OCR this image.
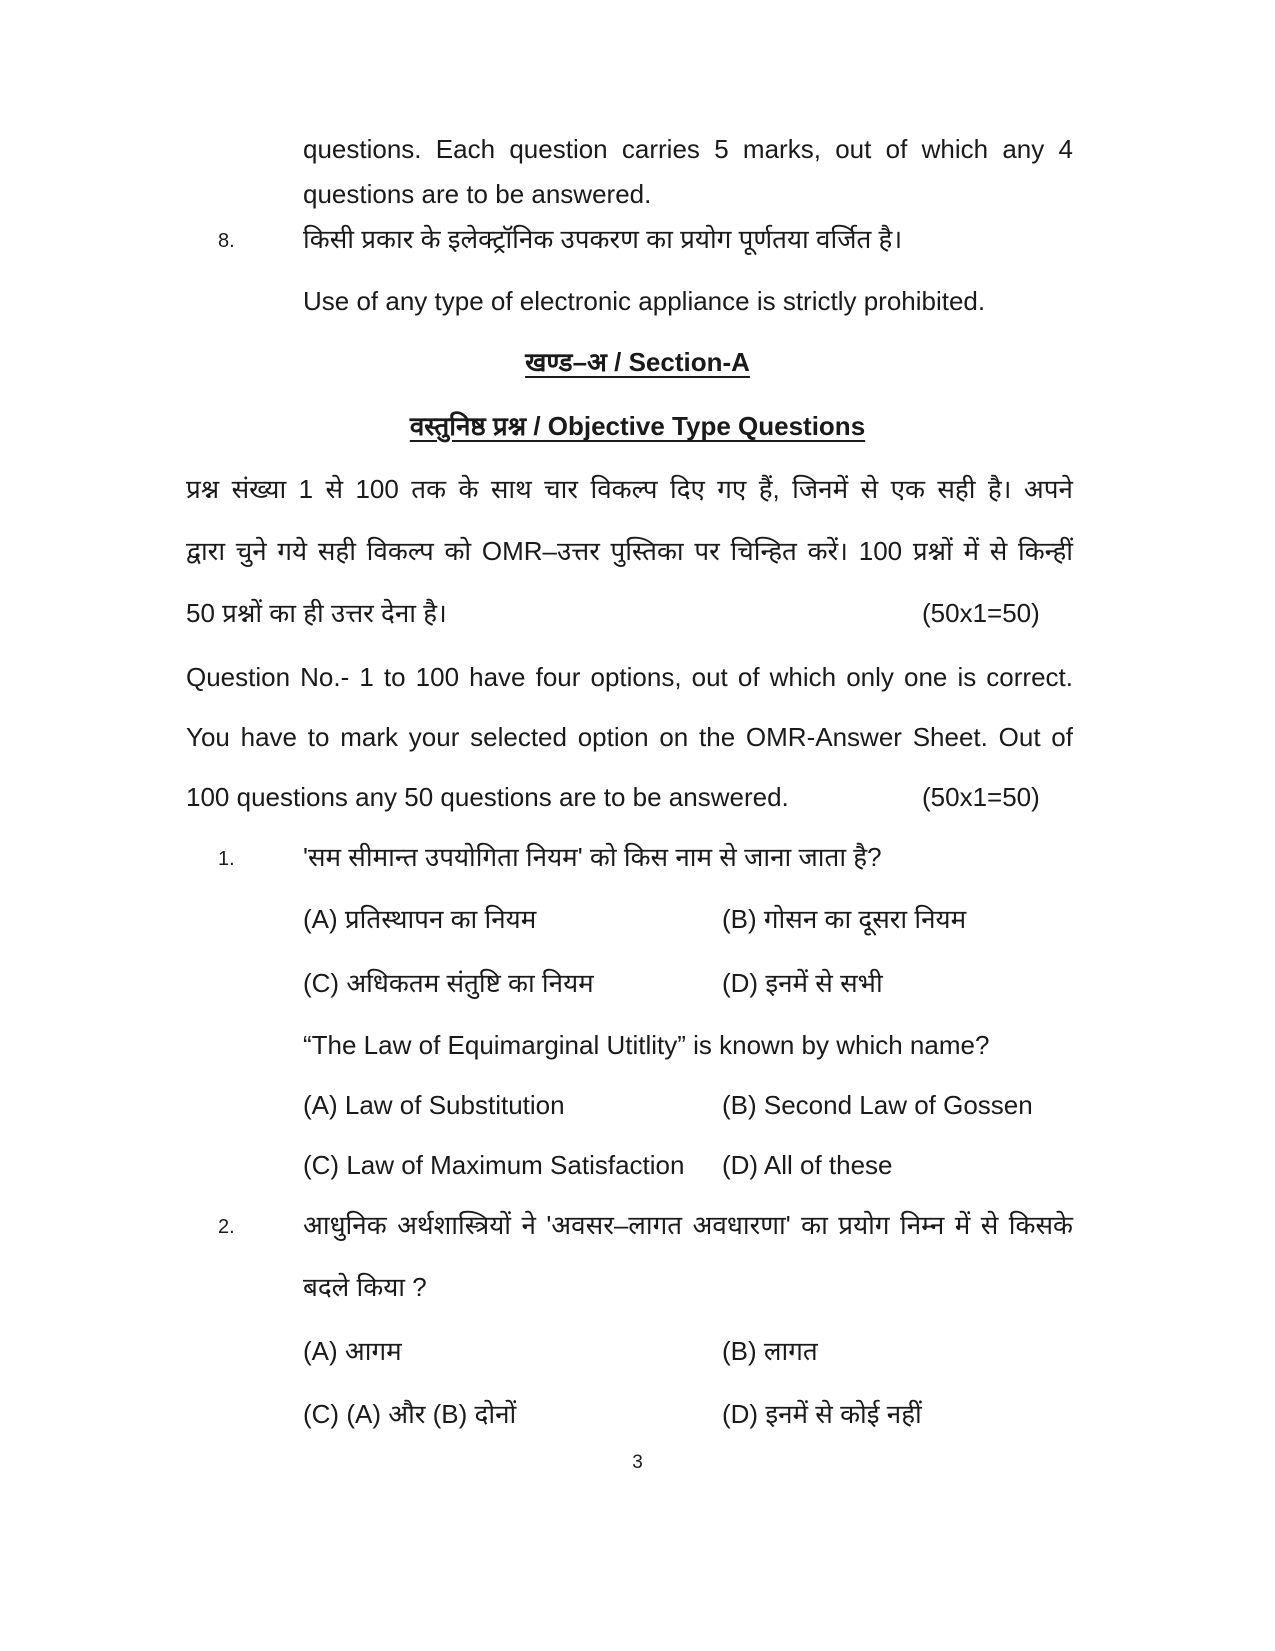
questions. Each question carries 5 marks, out of which any 4
questions are to be answered.
8.	किसी प्रकार के इलेक्ट्रॉनिक उपकरण का प्रयोग पूर्णतया वर्जित है।
Use of any type of electronic appliance is strictly prohibited.
खण्ड–अ / Section-A
वस्तुनिष्ठ प्रश्न / Objective Type Questions
प्रश्न संख्या 1 से 100 तक के साथ चार विकल्प दिए गए हैं, जिनमें से एक सही है। अपने
द्वारा चुने गये सही विकल्प को OMR–उत्तर पुस्तिका पर चिन्हित करें। 100 प्रश्नों में से किन्हीं
50 प्रश्नों का ही उत्तर देना है।	(50x1=50)
Question No.- 1 to 100 have four options, out of which only one is correct.
You have to mark your selected option on the OMR-Answer Sheet. Out of
100 questions any 50 questions are to be answered.	(50x1=50)
1.	'सम सीमान्त उपयोगिता नियम' को किस नाम से जाना जाता है?
(A) प्रतिस्थापन का नियम	(B) गोसन का दूसरा नियम
(C) अधिकतम संतुष्टि का नियम	(D) इनमें से सभी
“The Law of Equimarginal Utitlity” is known by which name?
(A) Law of Substitution	(B) Second Law of Gossen
(C) Law of Maximum Satisfaction (D) All of these
2.	आधुनिक अर्थशास्त्रियों ने 'अवसर–लागत अवधारणा' का प्रयोग निम्न में से किसके
बदले किया ?
(A) आगम	(B) लागत
(C) (A) और (B) दोनों	(D) इनमें से कोई नहीं
3
